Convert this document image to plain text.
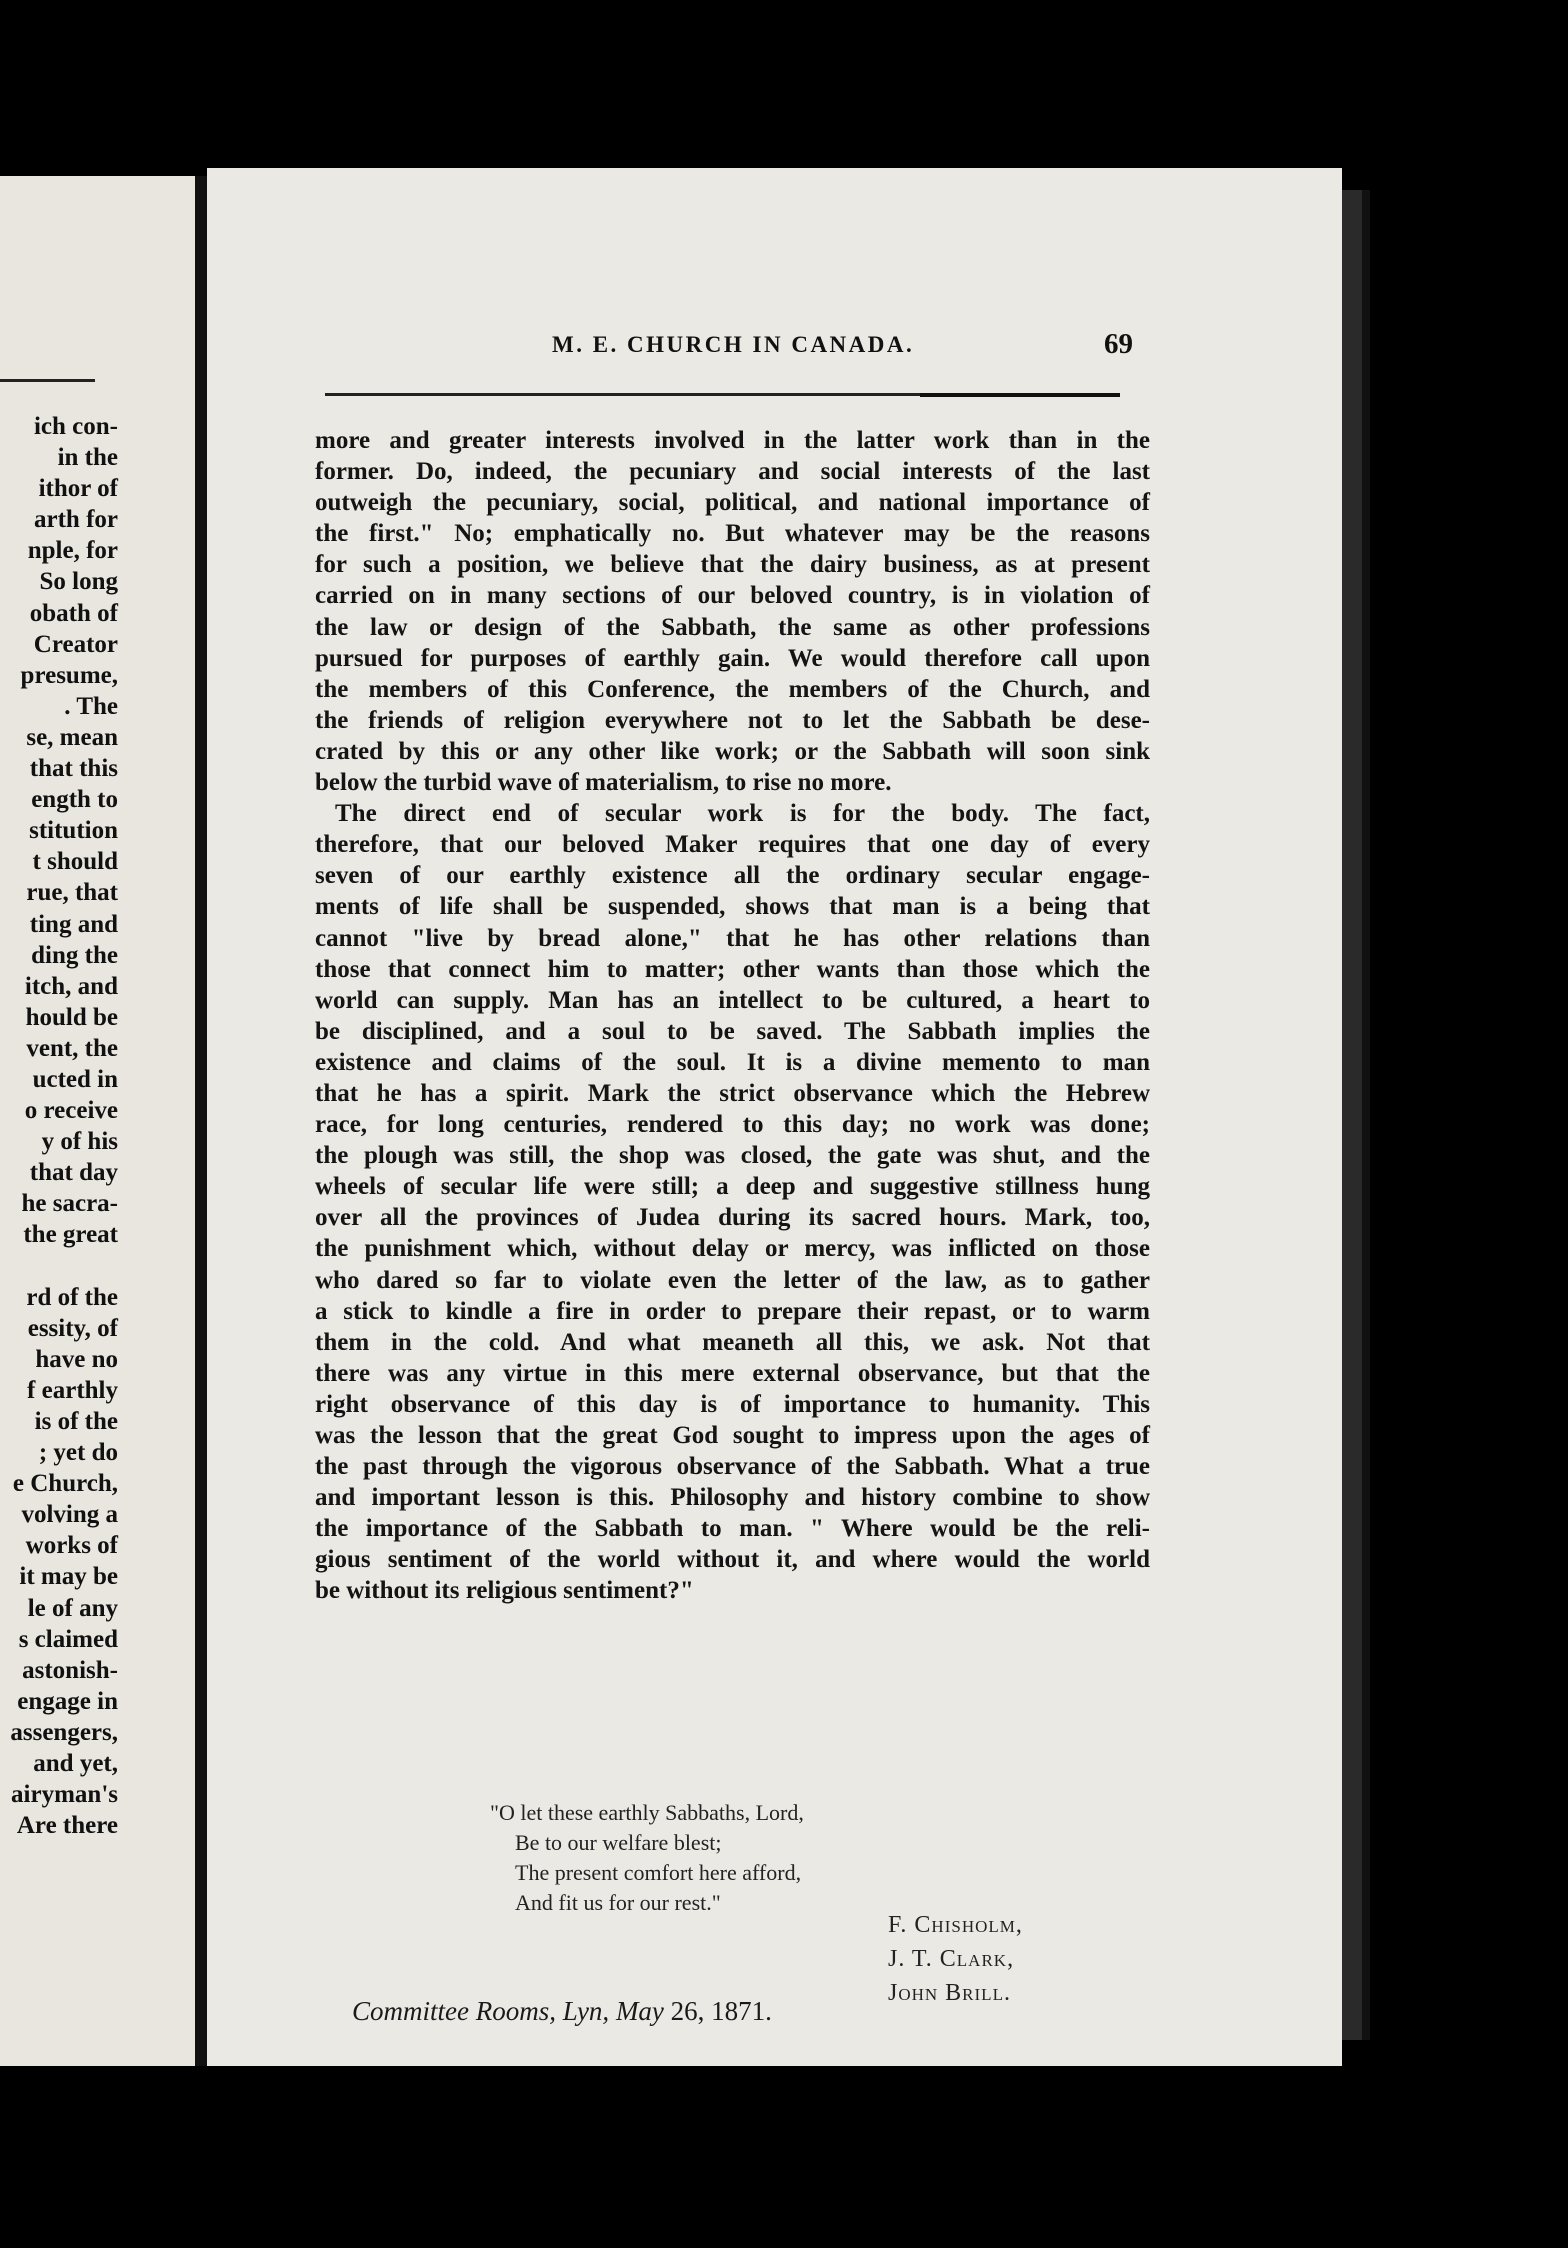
ich con-
in the
ithor of
arth for
nple, for
So long
obath of
Creator
presume,
. The
se, mean
that this
ength to
stitution
t should
rue, that
ting and
ding the
itch, and
hould be
vent, the
ucted in
o receive
y of his
that day
he sacra-
the great
rd of the
essity, of
have no
f earthly
is of the
; yet do
e Church,
volving a
works of
it may be
le of any
s claimed
astonish-
engage in
assengers,
and yet,
airyman's
Are there
M. E. CHURCH IN CANADA.	69
more and greater interests involved in the latter work than in the
former. Do, indeed, the pecuniary and social interests of the last
outweigh the pecuniary, social, political, and national importance of
the first." No; emphatically no. But whatever may be the reasons
for such a position, we believe that the dairy business, as at present
carried on in many sections of our beloved country, is in violation of
the law or design of the Sabbath, the same as other professions
pursued for purposes of earthly gain. We would therefore call upon
the members of this Conference, the members of the Church, and
the friends of religion everywhere not to let the Sabbath be dese-
crated by this or any other like work; or the Sabbath will soon sink
below the turbid wave of materialism, to rise no more.
The direct end of secular work is for the body. The fact,
therefore, that our beloved Maker requires that one day of every
seven of our earthly existence all the ordinary secular engage-
ments of life shall be suspended, shows that man is a being that
cannot "live by bread alone," that he has other relations than
those that connect him to matter; other wants than those which the
world can supply. Man has an intellect to be cultured, a heart to
be disciplined, and a soul to be saved. The Sabbath implies the
existence and claims of the soul. It is a divine memento to man
that he has a spirit. Mark the strict observance which the Hebrew
race, for long centuries, rendered to this day; no work was done;
the plough was still, the shop was closed, the gate was shut, and the
wheels of secular life were still; a deep and suggestive stillness hung
over all the provinces of Judea during its sacred hours. Mark, too,
the punishment which, without delay or mercy, was inflicted on those
who dared so far to violate even the letter of the law, as to gather
a stick to kindle a fire in order to prepare their repast, or to warm
them in the cold. And what meaneth all this, we ask. Not that
there was any virtue in this mere external observance, but that the
right observance of this day is of importance to humanity. This
was the lesson that the great God sought to impress upon the ages of
the past through the vigorous observance of the Sabbath. What a true
and important lesson is this. Philosophy and history combine to show
the importance of the Sabbath to man. " Where would be the reli-
gious sentiment of the world without it, and where would the world
be without its religious sentiment?"
"O let these earthly Sabbaths, Lord,
Be to our welfare blest;
The present comfort here afford,
And fit us for our rest."
F. Chisholm,
J. T. Clark,
John Brill.
Committee Rooms, Lyn, May 26, 1871.
